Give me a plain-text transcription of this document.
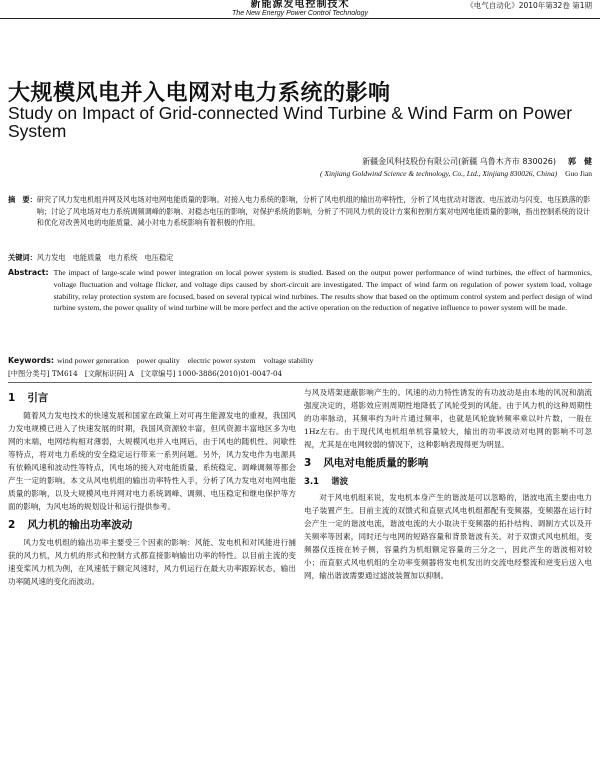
新能源发电控制技术
The New Energy Power Control Technology
《电气自动化》2010年第32卷 第1期
大规模风电并入电网对电力系统的影响
Study on Impact of Grid-connected Wind Turbine & Wind Farm on Power System
新疆金风科技股份有限公司(新疆 乌鲁木齐市 830026) 郭　健
( Xinjiang Goldwind Science & technology, Co., Ltd., Xinjiang 830026, China) Guo Jian
摘　要： 研究了风力发电机组并网及风电场对电网电能质量的影响。对接入电力系统的影响，分析了风电机组的输出功率特性，分析了风电扰动对谐波、电压波动与闪变、电压跌落的影响；讨论了风电场对电力系统调频调峰的影响、对稳态电压的影响，对保护系统的影响，分析了不同风力机的设计方案和控制方案对电网电能质量的影响，指出控制系统的设计和优化对改善风电的电能质量、减小对电力系统影响有着积极的作用。
关键词：风力发电　电能质量　电力系统　电压稳定
Abstract: The impact of large-scale wind power integration on local power system is studied. Based on the output power performance of wind turbines, the effect of harmonics, voltage fluctuation and voltage flicker, and voltage dips caused by short-circuit are investigated. The impact of wind farm on regulation of power system load, voltage stability, relay protection system are focused, based on several typical wind turbines. The results show that based on the optimum control system and perfect design of wind turbine system, the power quality of wind turbine will be more perfect and the active operation on the reduction of negative influence to power system will be made.
Keywords: wind power generation　power quality　electric power system　voltage stability
[中图分类号] TM614　[文献标识码] A　[文章编号] 1000-3886(2010)01-0047-04
1 引言

随着风力发电技术的快速发展和国家在政策上对可再生能源发电的重视，我国风力发电规模已进入了快速发展的时期，我国风资源较丰富，但风资源丰富地区多为电网的末端，电网结构相对薄弱，大规模风电并入电网后，由于风电的随机性、间歇性等特点，将对电力系统的安全稳定运行带来一系列问题。另外，风力发电作为电源具有依赖风速和波动性等特点，风电场的接入对电能质量、系统稳定、调峰调频等都会产生一定的影响。本文从风电机组的输出功率特性入手，分析了风力发电对电网电能质量的影响，以及大规模风电并网对电力系统调峰、调频、电压稳定和继电保护等方面的影响，为风电场的规划设计和运行提供参考。

2 风力机的输出功率波动

风力发电机组的输出功率主要受三个因素的影响：风能、发电机和对风能进行捕获的风力机，风力机的形式和控制方式都直接影响输出功率的特性。以目前主流的变速变桨风力机为例，在风速低于额定风速时，风力机运行在最大功率跟踪状态，输出功率随风速的变化而波动。

与风及塔架遮蔽影响产生的。风速的动力特性诱发的有功波动是由本地的风况和湍流强度决定的，塔影效应则周期性地降低了风轮受到的风能。由于风力机的这种周期性的功率脉动，其频率约为叶片通过频率，也就是风轮旋转频率乘以叶片数，一般在1Hz左右。由于现代风电机组单机容量较大，输出的功率波动对电网的影响不可忽视，尤其是在电网较弱的情况下，这种影响表现得更为明显。

3 风电对电能质量的影响
3.1 谐波

对于风电机组来说，发电机本身产生的谐波是可以忽略的，谐波电流主要由电力电子装置产生。目前主流的双馈式和直驱式风电机组都配有变频器，变频器在运行时会产生一定的谐波电流，谐波电流的大小取决于变频器的拓扑结构、调制方式以及开关频率等因素，同时还与电网的短路容量和背景谐波有关。对于双馈式风电机组，变频器仅连接在转子侧，容量约为机组额定容量的三分之一，因此产生的谐波相对较小；而直驱式风电机组的全功率变频器将发电机发出的交流电经整流和逆变后送入电网，输出谐波需要通过滤波装置加以抑制。
